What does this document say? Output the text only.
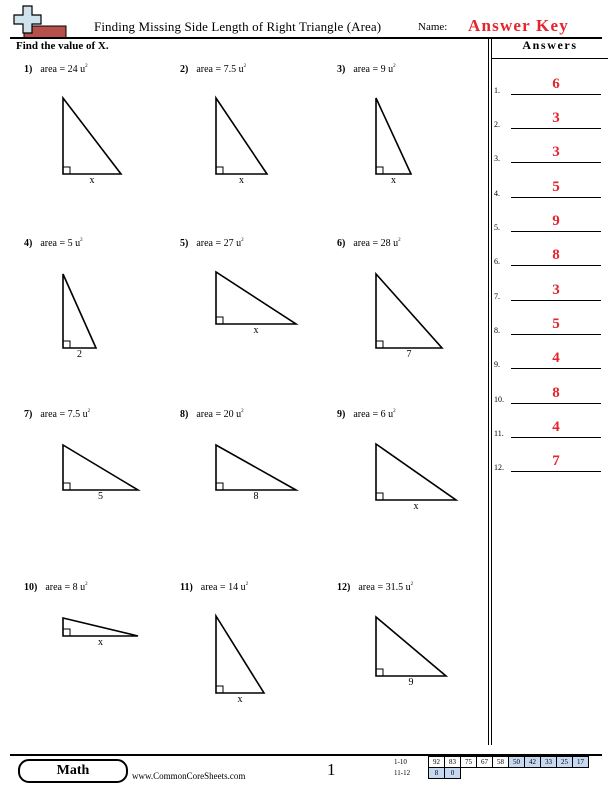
Finding Missing Side Length of Right Triangle (Area)	Name: Answer Key
Find the value of X.	Answers
1.	6
2.	3
3.	3
4.	5
5.	9
6.	8
7.	3
8.	5
9.	4
10.	8
11.	4
12.	7
1) area = 24 $u^2$
x
2) area = 7.5 $u^2$
x
3) area = 9 $u^2$
x
4) area = 5 $u^2$
2
5) area = 27 $u^2$
x
6) area = 28 $u^2$
7
7) area = 7.5 $u^2$
5
8) area = 20 $u^2$
8
9) area = 6 $u^2$
x
10) area = 8 $u^2$
x
11) area = 14 $u^2$
x
12) area = 31.5 $u^2$
9
Math	www.CommonCoreSheets.com	1	1-10	92	83	75	67	58	50	42	33	25	17
11-12	8	0								
